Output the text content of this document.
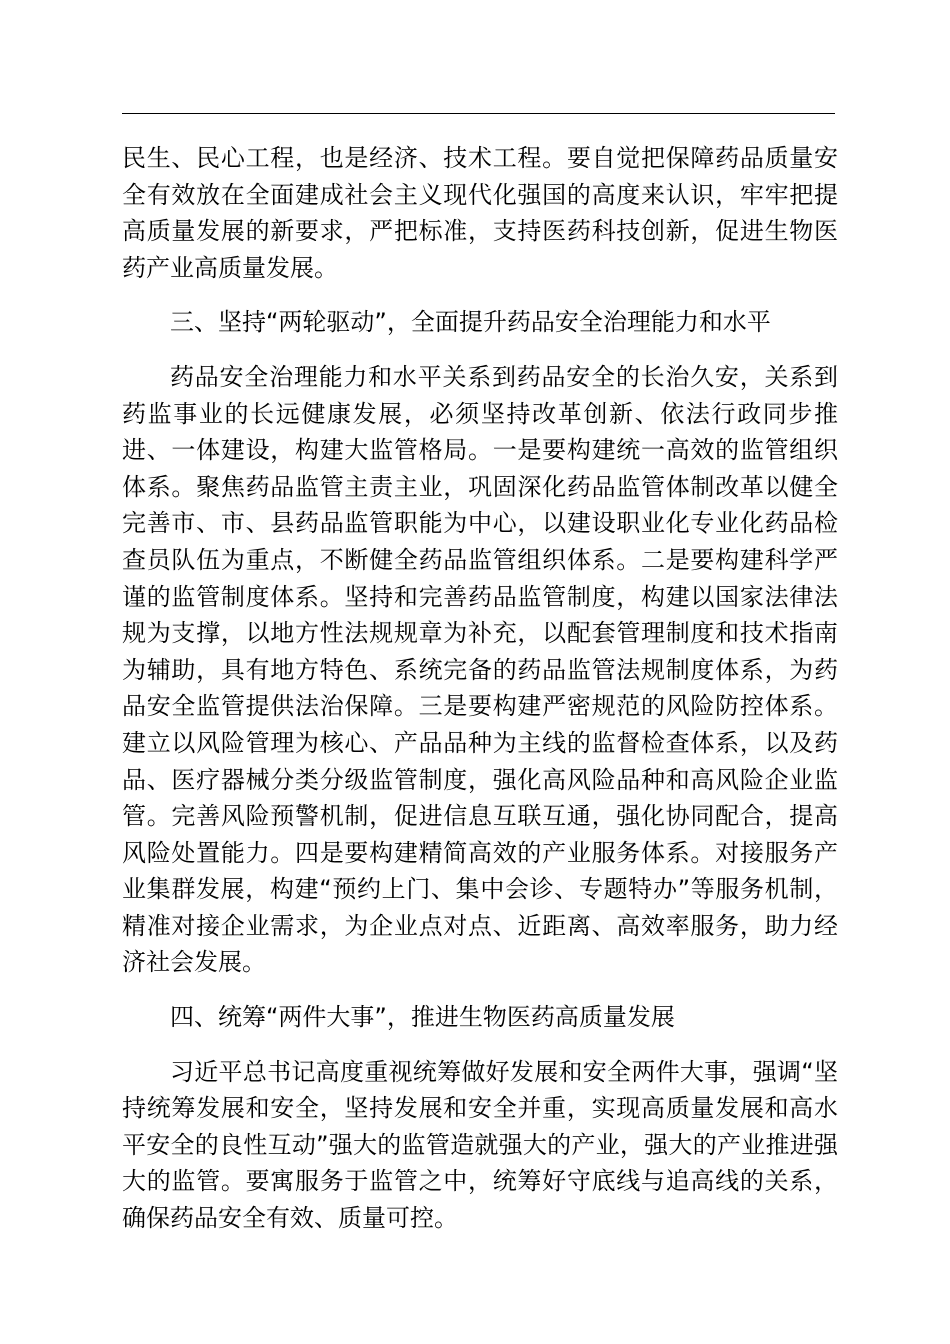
民生、民心工程，也是经济、技术工程。要自觉把保障药品质量安全有效放在全面建成社会主义现代化强国的高度来认识，牢牢把提高质量发展的新要求，严把标准，支持医药科技创新，促进生物医药产业高质量发展。

三、坚持“两轮驱动”，全面提升药品安全治理能力和水平

药品安全治理能力和水平关系到药品安全的长治久安，关系到药监事业的长远健康发展，必须坚持改革创新、依法行政同步推进、一体建设，构建大监管格局。一是要构建统一高效的监管组织体系。聚焦药品监管主责主业，巩固深化药品监管体制改革以健全完善市、市、县药品监管职能为中心，以建设职业化专业化药品检查员队伍为重点，不断健全药品监管组织体系。二是要构建科学严谨的监管制度体系。坚持和完善药品监管制度，构建以国家法律法规为支撑，以地方性法规规章为补充，以配套管理制度和技术指南为辅助，具有地方特色、系统完备的药品监管法规制度体系，为药品安全监管提供法治保障。三是要构建严密规范的风险防控体系。建立以风险管理为核心、产品品种为主线的监督检查体系，以及药品、医疗器械分类分级监管制度，强化高风险品种和高风险企业监管。完善风险预警机制，促进信息互联互通，强化协同配合，提高风险处置能力。四是要构建精简高效的产业服务体系。对接服务产业集群发展，构建“预约上门、集中会诊、专题特办”等服务机制，精准对接企业需求，为企业点对点、近距离、高效率服务，助力经济社会发展。

四、统筹“两件大事”，推进生物医药高质量发展

习近平总书记高度重视统筹做好发展和安全两件大事，强调“坚持统筹发展和安全，坚持发展和安全并重，实现高质量发展和高水平安全的良性互动”强大的监管造就强大的产业，强大的产业推进强大的监管。要寓服务于监管之中，统筹好守底线与追高线的关系，确保药品安全有效、质量可控。
